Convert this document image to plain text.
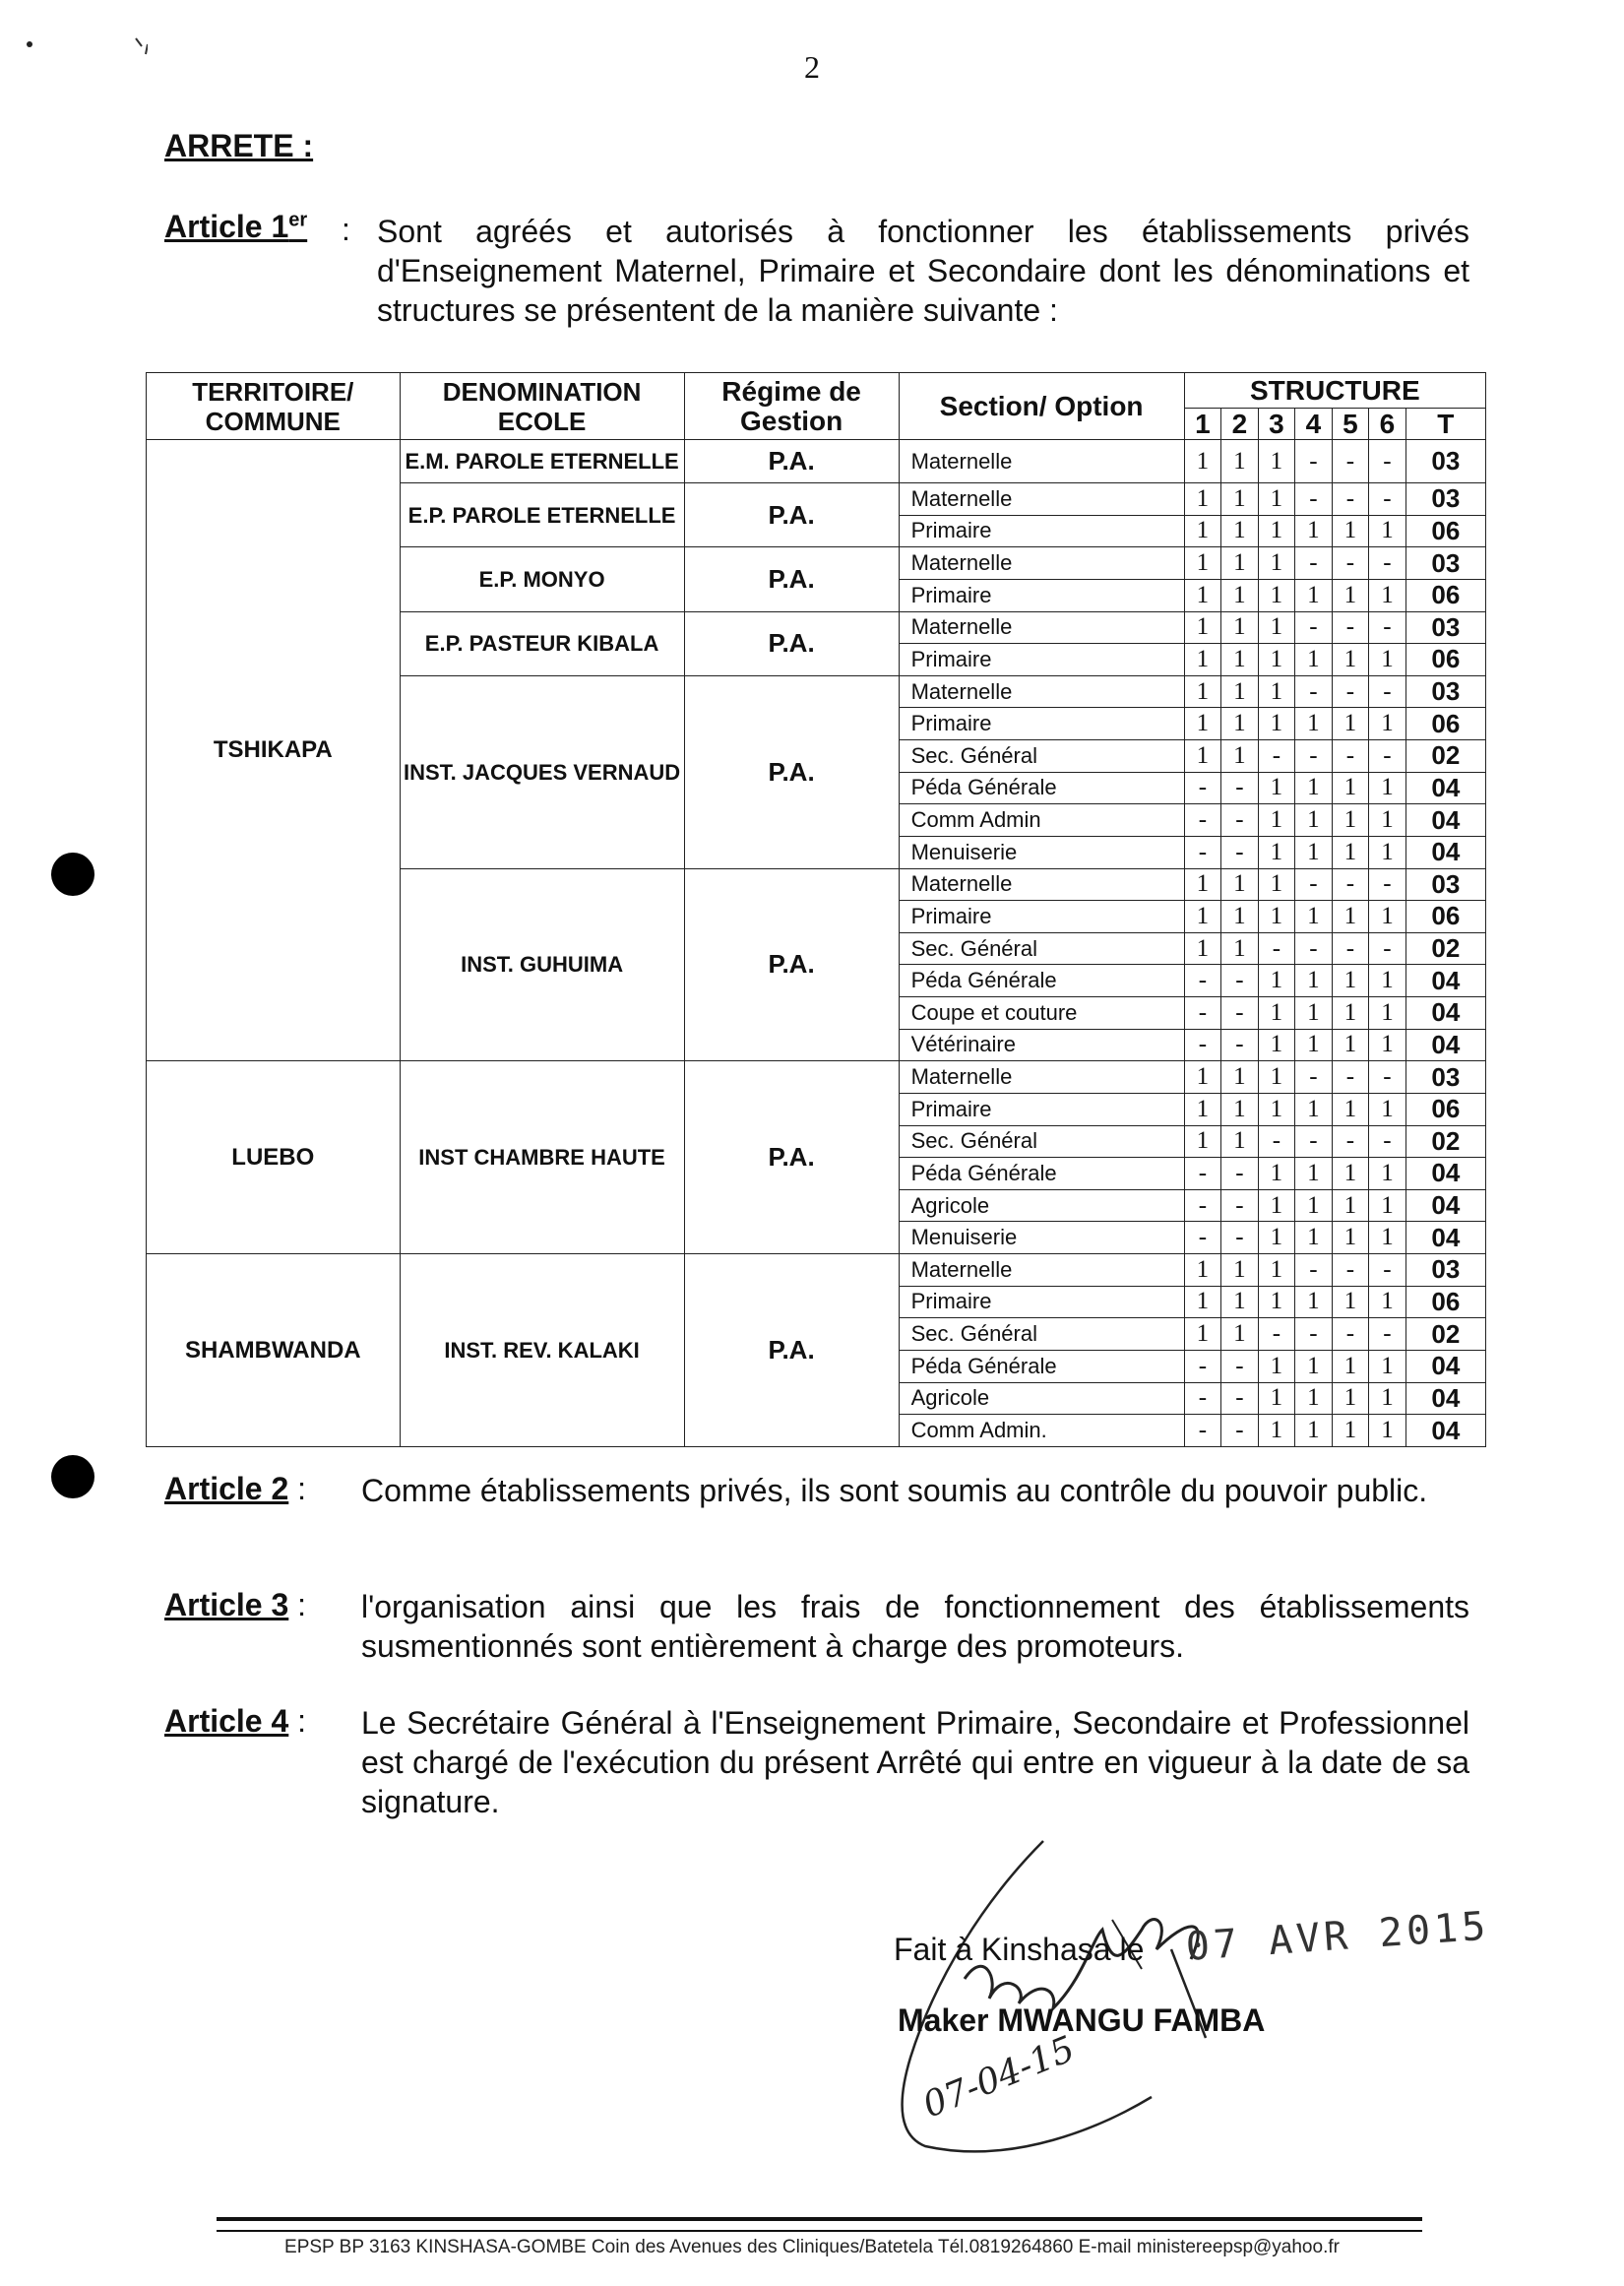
2
ARRETE :
Article 1er : Sont agréés et autorisés à fonctionner les établissements privés d'Enseignement Maternel, Primaire et Secondaire dont les dénominations et structures se présentent de la manière suivante :
TERRITOIRE/ COMMUNE	DENOMINATION ECOLE	Régime de Gestion	Section/ Option	STRUCTURE						
				1	2	3	4	5	6	T
TSHIKAPA	E.M. PAROLE ETERNELLE	P.A.	Maternelle	1	1	1	-	-	-	03
	E.P. PAROLE ETERNELLE	P.A.	Maternelle	1	1	1	-	-	-	03
			Primaire	1	1	1	1	1	1	06
	E.P. MONYO	P.A.	Maternelle	1	1	1	-	-	-	03
			Primaire	1	1	1	1	1	1	06
	E.P. PASTEUR KIBALA	P.A.	Maternelle	1	1	1	-	-	-	03
			Primaire	1	1	1	1	1	1	06
	INST. JACQUES VERNAUD	P.A.	Maternelle	1	1	1	-	-	-	03
			Primaire	1	1	1	1	1	1	06
			Sec. Général	1	1	-	-	-	-	02
			Péda Générale	-	-	1	1	1	1	04
			Comm Admin	-	-	1	1	1	1	04
			Menuiserie	-	-	1	1	1	1	04
	INST. GUHUIMA	P.A.	Maternelle	1	1	1	-	-	-	03
			Primaire	1	1	1	1	1	1	06
			Sec. Général	1	1	-	-	-	-	02
			Péda Générale	-	-	1	1	1	1	04
			Coupe et couture	-	-	1	1	1	1	04
			Vétérinaire	-	-	1	1	1	1	04
LUEBO	INST CHAMBRE HAUTE	P.A.	Maternelle	1	1	1	-	-	-	03
			Primaire	1	1	1	1	1	1	06
			Sec. Général	1	1	-	-	-	-	02
			Péda Générale	-	-	1	1	1	1	04
			Agricole	-	-	1	1	1	1	04
			Menuiserie	-	-	1	1	1	1	04
SHAMBWANDA	INST. REV. KALAKI	P.A.	Maternelle	1	1	1	-	-	-	03
			Primaire	1	1	1	1	1	1	06
			Sec. Général	1	1	-	-	-	-	02
			Péda Générale	-	-	1	1	1	1	04
			Agricole	-	-	1	1	1	1	04
			Comm Admin.	-	-	1	1	1	1	04
Article 2 : Comme établissements privés, ils sont soumis au contrôle du pouvoir public.
Article 3 : l'organisation ainsi que les frais de fonctionnement des établissements susmentionnés sont entièrement à charge des promoteurs.
Article 4 : Le Secrétaire Général à l'Enseignement Primaire, Secondaire et Professionnel est chargé de l'exécution du présent Arrêté qui entre en vigueur à la date de sa signature.
Fait à Kinshasa le 07 AVR 2015
Maker MWANGU FAMBA
07-04-15
EPSP BP 3163 KINSHASA-GOMBE Coin des Avenues des Cliniques/Batetela Tél.0819264860 E-mail ministereepsp@yahoo.fr
